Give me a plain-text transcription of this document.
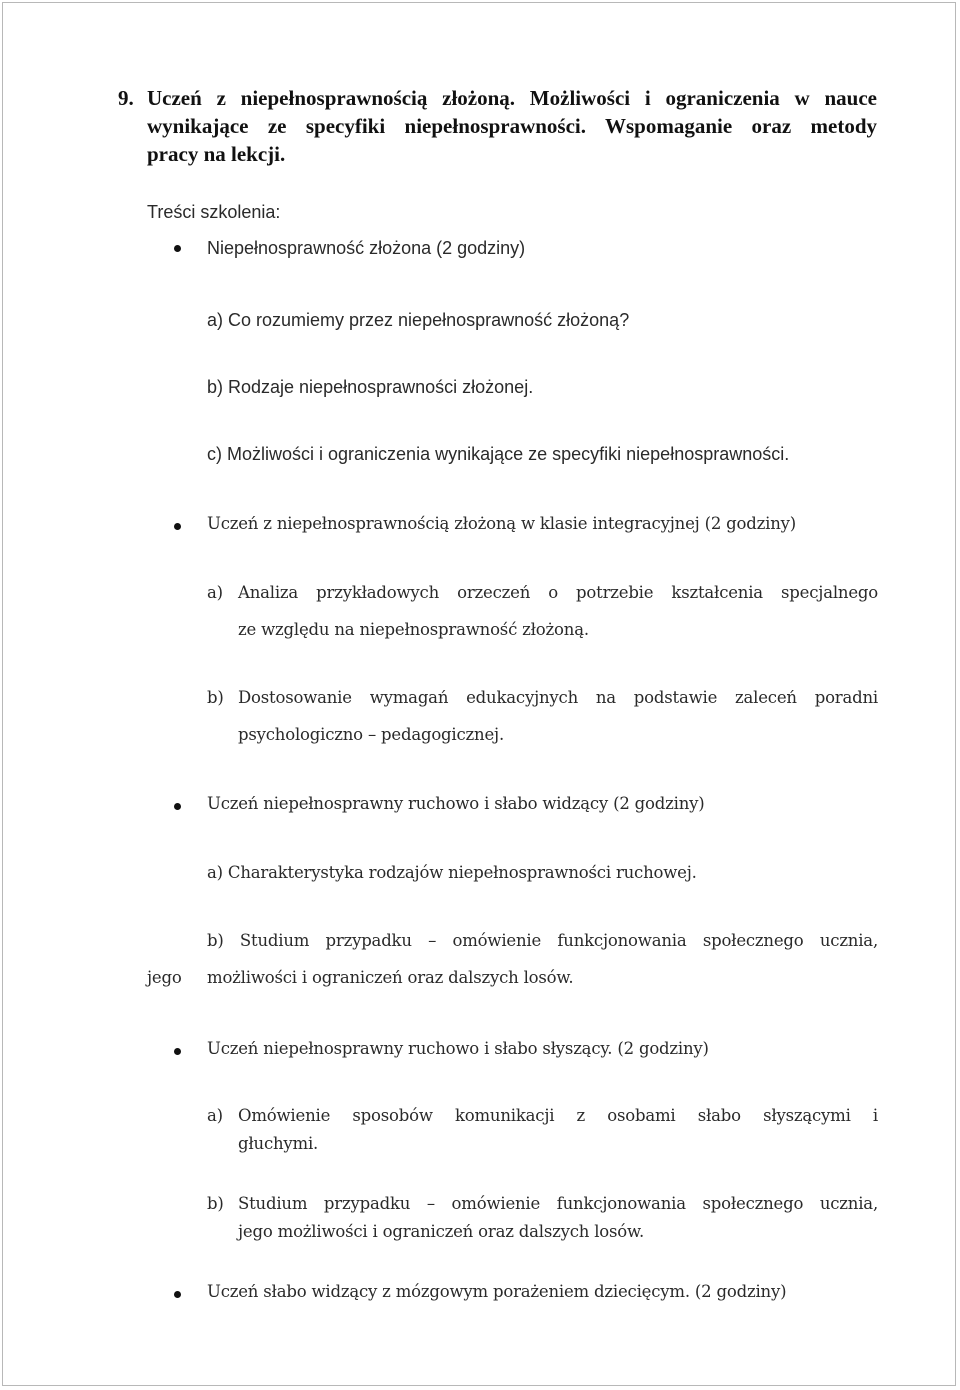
9. Uczeń z niepełnosprawnością złożoną. Możliwości i ograniczenia w nauce
wynikające ze specyfiki niepełnosprawności. Wspomaganie oraz metody
pracy na lekcji.
Treści szkolenia:
Niepełnosprawność złożona (2 godziny)
a) Co rozumiemy przez niepełnosprawność złożoną?
b) Rodzaje niepełnosprawności złożonej.
c) Możliwości i ograniczenia wynikające ze specyfiki niepełnosprawności.
Uczeń z niepełnosprawnością złożoną w klasie integracyjnej (2 godziny)
a) Analiza przykładowych orzeczeń o potrzebie kształcenia specjalnego
ze względu na niepełnosprawność złożoną.
b) Dostosowanie wymagań edukacyjnych na podstawie zaleceń poradni
psychologiczno – pedagogicznej.
Uczeń niepełnosprawny ruchowo i słabo widzący (2 godziny)
a) Charakterystyka rodzajów niepełnosprawności ruchowej.
b) Studium przypadku – omówienie funkcjonowania społecznego ucznia,
jego możliwości i ograniczeń oraz dalszych losów.
Uczeń niepełnosprawny ruchowo i słabo słyszący. (2 godziny)
a) Omówienie sposobów komunikacji z osobami słabo słyszącymi i
głuchymi.
b) Studium przypadku – omówienie funkcjonowania społecznego ucznia,
jego możliwości i ograniczeń oraz dalszych losów.
Uczeń słabo widzący z mózgowym porażeniem dziecięcym. (2 godziny)
